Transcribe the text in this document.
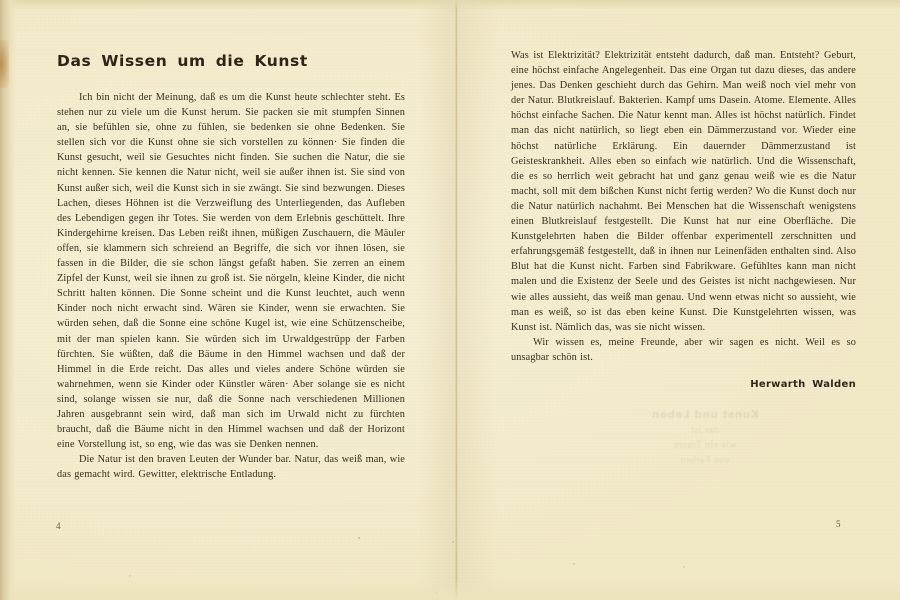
Das Wissen um die Kunst

Ich bin nicht der Meinung, daß es um die Kunst heute schlechter steht. Es stehen nur zu viele um die Kunst herum. Sie packen sie mit stumpfen Sinnen an, sie befühlen sie, ohne zu fühlen, sie bedenken sie ohne Bedenken. Sie stellen sich vor die Kunst ohne sie sich vorstellen zu können· Sie finden die Kunst gesucht, weil sie Gesuchtes nicht finden. Sie suchen die Natur, die sie nicht kennen. Sie kennen die Natur nicht, weil sie außer ihnen ist. Sie sind von Kunst außer sich, weil die Kunst sich in sie zwängt. Sie sind bezwungen. Dieses Lachen, dieses Höhnen ist die Verzweiflung des Unterliegenden, das Aufleben des Lebendigen gegen ihr Totes. Sie werden von dem Erlebnis geschüttelt. Ihre Kindergehirne kreisen. Das Leben reißt ihnen, müßigen Zuschauern, die Mäuler offen, sie klammern sich schreiend an Begriffe, die sich vor ihnen lösen, sie fassen in die Bilder, die sie schon längst gefaßt haben. Sie zerren an einem Zipfel der Kunst, weil sie ihnen zu groß ist. Sie nörgeln, kleine Kinder, die nicht Schritt halten können. Die Sonne scheint und die Kunst leuchtet, auch wenn Kinder noch nicht erwacht sind. Wären sie Kinder, wenn sie erwachten. Sie würden sehen, daß die Sonne eine schöne Kugel ist, wie eine Schützenscheibe, mit der man spielen kann. Sie würden sich im Urwaldgestrüpp der Farben fürchten. Sie wüßten, daß die Bäume in den Himmel wachsen und daß der Himmel in die Erde reicht. Das alles und vieles andere Schöne würden sie wahrnehmen, wenn sie Kinder oder Künstler wären· Aber solange sie es nicht sind, solange wissen sie nur, daß die Sonne nach verschiedenen Millionen Jahren ausgebrannt sein wird, daß man sich im Urwald nicht zu fürchten braucht, daß die Bäume nicht in den Himmel wachsen und daß der Horizont eine Vorstellung ist, so eng, wie das was sie Denken nennen.

Die Natur ist den braven Leuten der Wunder bar. Natur, das weiß man, wie das gemacht wird. Gewitter, elektrische Entladung.

Was ist Elektrizität? Elektrizität entsteht dadurch, daß man. Entsteht? Geburt, eine höchst einfache Angelegenheit. Das eine Organ tut dazu dieses, das andere jenes. Das Denken geschieht durch das Gehirn. Man weiß noch viel mehr von der Natur. Blutkreislauf. Bakterien. Kampf ums Dasein. Atome. Elemente. Alles höchst einfache Sachen. Die Natur kennt man. Alles ist höchst natürlich. Findet man das nicht natürlich, so liegt eben ein Dämmerzustand vor. Wieder eine höchst natürliche Erklärung. Ein dauernder Dämmerzustand ist Geisteskrankheit. Alles eben so einfach wie natürlich. Und die Wissenschaft, die es so herrlich weit gebracht hat und ganz genau weiß wie es die Natur macht, soll mit dem bißchen Kunst nicht fertig werden? Wo die Kunst doch nur die Natur natürlich nachahmt. Bei Menschen hat die Wissenschaft wenigstens einen Blutkreislauf festgestellt. Die Kunst hat nur eine Oberfläche. Die Kunstgelehrten haben die Bilder offenbar experimentell zerschnitten und erfahrungsgemäß festgestellt, daß in ihnen nur Leinenfäden enthalten sind. Also Blut hat die Kunst nicht. Farben sind Fabrikware. Gefühltes kann man nicht malen und die Existenz der Seele und des Geistes ist nicht nachgewiesen. Nur wie alles aussieht, das weiß man genau. Und wenn etwas nicht so aussieht, wie man es weiß, so ist das eben keine Kunst. Die Kunstgelehrten wissen, was Kunst ist. Nämlich das, was sie nicht wissen.

Wir wissen es, meine Freunde, aber wir sagen es nicht. Weil es so unsagbar schön ist.

Herwarth Walden
4	5
